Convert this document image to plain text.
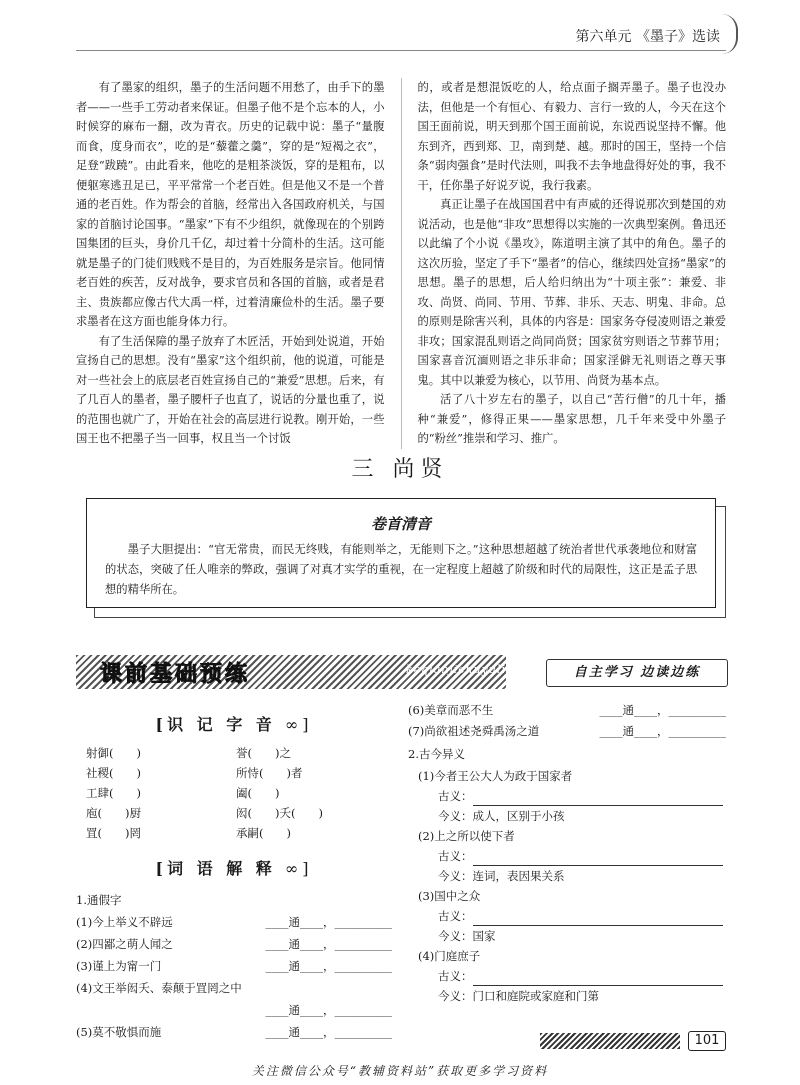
第六单元 《墨子》选读

有了墨家的组织，墨子的生活问题不用愁了，由手下的墨者——一些手工劳动者来保证。但墨子他不是个忘本的人，小时候穿的麻布一翻，改为青衣。历史的记载中说：墨子“量腹而食，度身而衣”，吃的是“藜藿之羹”，穿的是“短褐之衣”，足登“跋蹺”。由此看来，他吃的是粗茶淡饭，穿的是粗布，以便躯寒逃丑足已，平平常常一个老百姓。但是他又不是一个普通的老百姓。作为帮会的首脑，经常出入各国政府机关，与国家的首脑讨论国事。“墨家”下有不少组织，就像现在的个别跨国集团的巨头，身价几千亿，却过着十分简朴的生活。这可能就是墨子的门徒们贱贱不是目的，为百姓服务是宗旨。他同情老百姓的疾苦，反对战争，要求官员和各国的首脑，或者是君主、贵族都应像古代大禹一样，过着清廉俭朴的生活。墨子要求墨者在这方面也能身体力行。

有了生活保障的墨子放弃了木匠活，开始到处说道，开始宣扬自己的思想。没有“墨家”这个组织前，他的说道，可能是对一些社会上的底层老百姓宣扬自己的“兼爱”思想。后来，有了几百人的墨者，墨子腰杆子也直了，说话的分量也重了，说的范围也就广了，开始在社会的高层进行说教。刚开始，一些国王也不把墨子当一回事，权且当一个讨饭

的，或者是想混饭吃的人，给点面子搁弄墨子。墨子也没办法，但他是一个有恒心、有毅力、言行一致的人，今天在这个国王面前说，明天到那个国王面前说，东说西说坚持不懈。他东到齐，西到郑、卫，南到楚、越。那时的国王，坚持一个信条“弱肉强食”是时代法则，叫我不去争地盘得好处的事，我不干，任你墨子好说歹说，我行我素。

真正让墨子在战国国君中有声威的还得说那次到楚国的劝说活动，也是他“非攻”思想得以实施的一次典型案例。鲁迅还以此编了个小说《墨攻》，陈道明主演了其中的角色。墨子的这次历验，坚定了手下“墨者”的信心，继续四处宣扬“墨家”的思想。墨子的思想，后人给归纳出为“十项主张”：兼爱、非攻、尚贤、尚同、节用、节葬、非乐、天志、明鬼、非命。总的原则是除害兴利，具体的内容是：国家务夺侵凌则语之兼爱非攻；国家混乱则语之尚同尚贤；国家贫穷则语之节葬节用；国家喜音沉湎则语之非乐非命；国家淫僻无礼则语之尊天事鬼。其中以兼爱为核心，以节用、尚贤为基本点。

活了八十岁左右的墨子，以自己“苦行僧”的几十年，播种“兼爱”，修得正果——墨家思想，几千年来受中外墨子的“粉丝”推崇和学习、推广。

三 尚贤
卷首清音
墨子大胆提出：“官无常贵，而民无终贱，有能则举之，无能则下之。”这种思想超越了统治者世代承袭地位和财富的状态，突破了任人唯亲的弊政，强调了对真才实学的重视，在一定程度上超越了阶级和时代的局限性，这正是孟子思想的精华所在。
课前基础预练	keqianjichuyulian	自主学习 边读边练
[识 记 字 音 ∞]
射御(　　)	誉(　　)之
社稷(　　)	所恃(　　)者
工肆(　　)	阖(　　)
庖(　　)厨	闳(　　)夭(　　)
罝(　　)罔	承嗣(　　)
[词 语 解 释 ∞]
1.通假字
(1)今上举义不辟远	____通____，__________
(2)四鄙之萌人闻之	____通____，__________
(3)谨上为甯一门	____通____，__________
(4)文王举闳夭、泰颠于罝罔之中
____通____，__________
(5)莫不敬惧而施	____通____，__________
(6)美章而恶不生	____通____，__________
(7)尚欲祖述尧舜禹汤之道	____通____，__________
2.古今异义
(1)今者王公大人为政于国家者
古义：
今义：成人，区别于小孩
(2)上之所以使下者
古义：
今义：连词，表因果关系
(3)国中之众
古义：
今义：国家
(4)门庭庶子
古义：
今义：门口和庭院或家庭和门第
101
关注微信公众号“教辅资料站”获取更多学习资料
